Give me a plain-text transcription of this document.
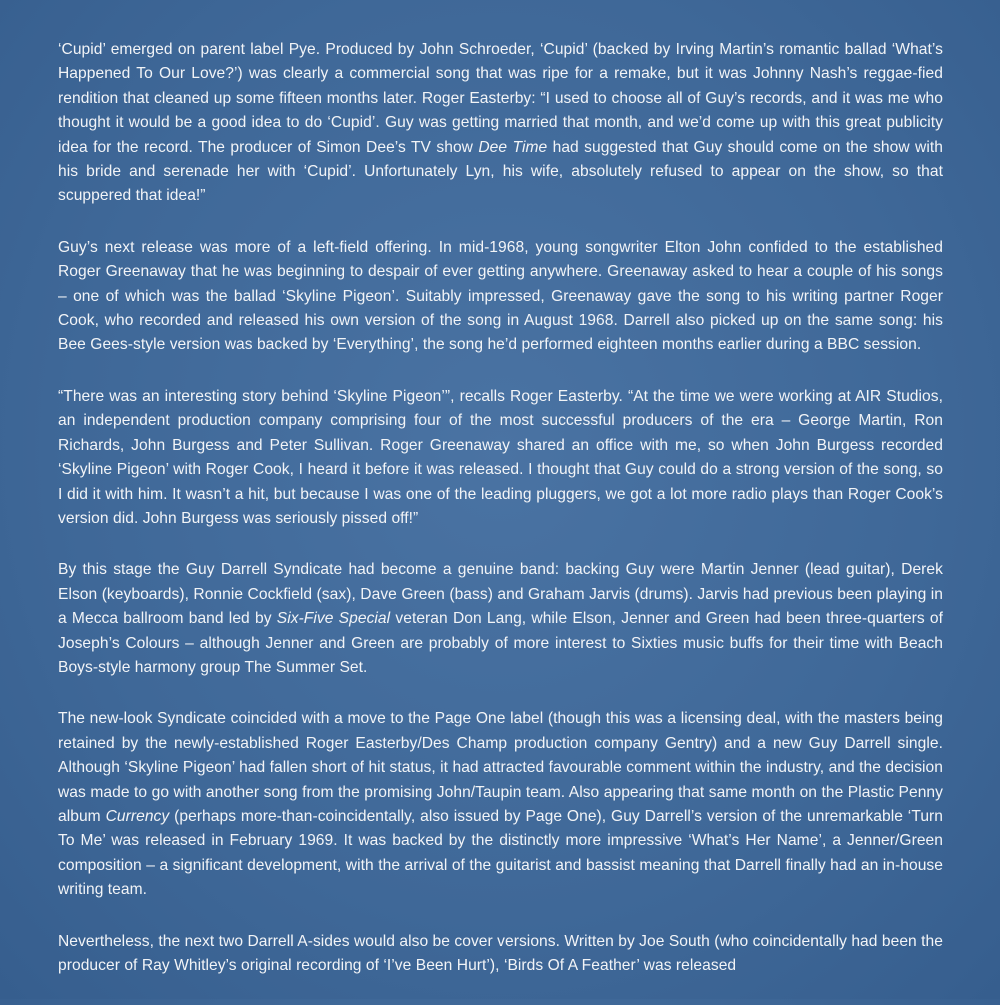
‘Cupid’ emerged on parent label Pye. Produced by John Schroeder, ‘Cupid’ (backed by Irving Martin’s romantic ballad ‘What’s Happened To Our Love?’) was clearly a commercial song that was ripe for a remake, but it was Johnny Nash’s reggae-fied rendition that cleaned up some fifteen months later. Roger Easterby: “I used to choose all of Guy’s records, and it was me who thought it would be a good idea to do ‘Cupid’. Guy was getting married that month, and we’d come up with this great publicity idea for the record. The producer of Simon Dee’s TV show Dee Time had suggested that Guy should come on the show with his bride and serenade her with ‘Cupid’. Unfortunately Lyn, his wife, absolutely refused to appear on the show, so that scuppered that idea!”

Guy’s next release was more of a left-field offering. In mid-1968, young songwriter Elton John confided to the established Roger Greenaway that he was beginning to despair of ever getting anywhere. Greenaway asked to hear a couple of his songs – one of which was the ballad ‘Skyline Pigeon’. Suitably impressed, Greenaway gave the song to his writing partner Roger Cook, who recorded and released his own version of the song in August 1968. Darrell also picked up on the same song: his Bee Gees-style version was backed by ‘Everything’, the song he’d performed eighteen months earlier during a BBC session.

“There was an interesting story behind ‘Skyline Pigeon’”, recalls Roger Easterby. “At the time we were working at AIR Studios, an independent production company comprising four of the most successful producers of the era – George Martin, Ron Richards, John Burgess and Peter Sullivan. Roger Greenaway shared an office with me, so when John Burgess recorded ‘Skyline Pigeon’ with Roger Cook, I heard it before it was released. I thought that Guy could do a strong version of the song, so I did it with him. It wasn’t a hit, but because I was one of the leading pluggers, we got a lot more radio plays than Roger Cook’s version did. John Burgess was seriously pissed off!”

By this stage the Guy Darrell Syndicate had become a genuine band: backing Guy were Martin Jenner (lead guitar), Derek Elson (keyboards), Ronnie Cockfield (sax), Dave Green (bass) and Graham Jarvis (drums). Jarvis had previous been playing in a Mecca ballroom band led by Six-Five Special veteran Don Lang, while Elson, Jenner and Green had been three-quarters of Joseph’s Colours – although Jenner and Green are probably of more interest to Sixties music buffs for their time with Beach Boys-style harmony group The Summer Set.

The new-look Syndicate coincided with a move to the Page One label (though this was a licensing deal, with the masters being retained by the newly-established Roger Easterby/Des Champ production company Gentry) and a new Guy Darrell single. Although ‘Skyline Pigeon’ had fallen short of hit status, it had attracted favourable comment within the industry, and the decision was made to go with another song from the promising John/Taupin team. Also appearing that same month on the Plastic Penny album Currency (perhaps more-than-coincidentally, also issued by Page One), Guy Darrell’s version of the unremarkable ‘Turn To Me’ was released in February 1969. It was backed by the distinctly more impressive ‘What’s Her Name’, a Jenner/Green composition – a significant development, with the arrival of the guitarist and bassist meaning that Darrell finally had an in-house writing team.

Nevertheless, the next two Darrell A-sides would also be cover versions. Written by Joe South (who coincidentally had been the producer of Ray Whitley’s original recording of ‘I’ve Been Hurt’), ‘Birds Of A Feather’ was released
